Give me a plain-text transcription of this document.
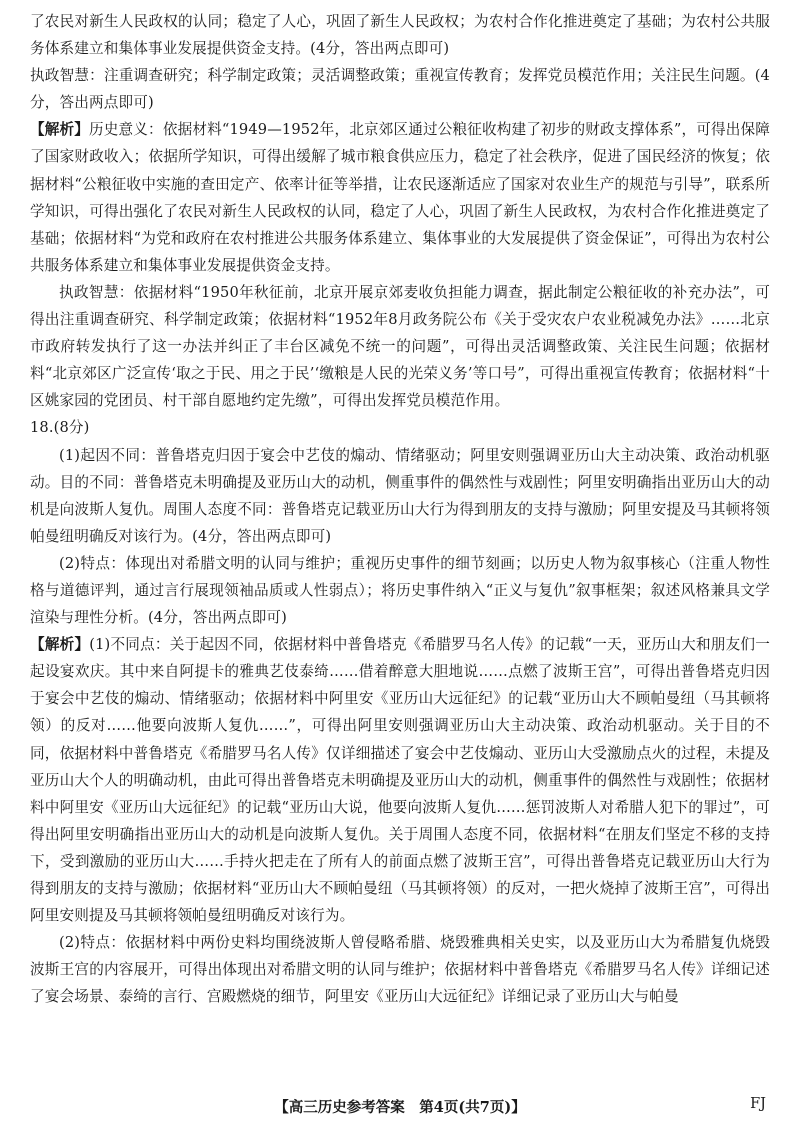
了农民对新生人民政权的认同；稳定了人心，巩固了新生人民政权；为农村合作化推进奠定了基础；为农村公共服务体系建立和集体事业发展提供资金支持。(4分，答出两点即可)

执政智慧：注重调查研究；科学制定政策；灵活调整政策；重视宣传教育；发挥党员模范作用；关注民生问题。(4分，答出两点即可)

【解析】历史意义：依据材料“1949—1952年，北京郊区通过公粮征收构建了初步的财政支撑体系”，可得出保障了国家财政收入；依据所学知识，可得出缓解了城市粮食供应压力，稳定了社会秩序，促进了国民经济的恢复；依据材料“公粮征收中实施的查田定产、依率计征等举措，让农民逐渐适应了国家对农业生产的规范与引导”，联系所学知识，可得出强化了农民对新生人民政权的认同，稳定了人心，巩固了新生人民政权，为农村合作化推进奠定了基础；依据材料“为党和政府在农村推进公共服务体系建立、集体事业的大发展提供了资金保证”，可得出为农村公共服务体系建立和集体事业发展提供资金支持。

执政智慧：依据材料“1950年秋征前，北京开展京郊麦收负担能力调查，据此制定公粮征收的补充办法”，可得出注重调查研究、科学制定政策；依据材料“1952年8月政务院公布《关于受灾农户农业税减免办法》……北京市政府转发执行了这一办法并纠正了丰台区减免不统一的问题”，可得出灵活调整政策、关注民生问题；依据材料“北京郊区广泛宣传‘取之于民、用之于民’‘缴粮是人民的光荣义务’等口号”，可得出重视宣传教育；依据材料“十区姚家园的党团员、村干部自愿地约定先缴”，可得出发挥党员模范作用。

18.(8分)

(1)起因不同：普鲁塔克归因于宴会中艺伎的煽动、情绪驱动；阿里安则强调亚历山大主动决策、政治动机驱动。目的不同：普鲁塔克未明确提及亚历山大的动机，侧重事件的偶然性与戏剧性；阿里安明确指出亚历山大的动机是向波斯人复仇。周围人态度不同：普鲁塔克记载亚历山大行为得到朋友的支持与激励；阿里安提及马其顿将领帕曼纽明确反对该行为。(4分，答出两点即可)

(2)特点：体现出对希腊文明的认同与维护；重视历史事件的细节刻画；以历史人物为叙事核心（注重人物性格与道德评判，通过言行展现领袖品质或人性弱点）；将历史事件纳入“正义与复仇”叙事框架；叙述风格兼具文学渲染与理性分析。(4分，答出两点即可)

【解析】(1)不同点：关于起因不同，依据材料中普鲁塔克《希腊罗马名人传》的记载“一天，亚历山大和朋友们一起设宴欢庆。其中来自阿提卡的雅典艺伎泰绮……借着醉意大胆地说……点燃了波斯王宫”，可得出普鲁塔克归因于宴会中艺伎的煽动、情绪驱动；依据材料中阿里安《亚历山大远征纪》的记载“亚历山大不顾帕曼纽（马其顿将领）的反对……他要向波斯人复仇……”，可得出阿里安则强调亚历山大主动决策、政治动机驱动。关于目的不同，依据材料中普鲁塔克《希腊罗马名人传》仅详细描述了宴会中艺伎煽动、亚历山大受激励点火的过程，未提及亚历山大个人的明确动机，由此可得出普鲁塔克未明确提及亚历山大的动机，侧重事件的偶然性与戏剧性；依据材料中阿里安《亚历山大远征纪》的记载“亚历山大说，他要向波斯人复仇……惩罚波斯人对希腊人犯下的罪过”，可得出阿里安明确指出亚历山大的动机是向波斯人复仇。关于周围人态度不同，依据材料“在朋友们坚定不移的支持下，受到激励的亚历山大……手持火把走在了所有人的前面点燃了波斯王宫”，可得出普鲁塔克记载亚历山大行为得到朋友的支持与激励；依据材料“亚历山大不顾帕曼纽（马其顿将领）的反对，一把火烧掉了波斯王宫”，可得出阿里安则提及马其顿将领帕曼纽明确反对该行为。

(2)特点：依据材料中两份史料均围绕波斯人曾侵略希腊、烧毁雅典相关史实，以及亚历山大为希腊复仇烧毁波斯王宫的内容展开，可得出体现出对希腊文明的认同与维护；依据材料中普鲁塔克《希腊罗马名人传》详细记述了宴会场景、泰绮的言行、宫殿燃烧的细节，阿里安《亚历山大远征纪》详细记录了亚历山大与帕曼

【高三历史参考答案　第4页(共7页)】	FJ
